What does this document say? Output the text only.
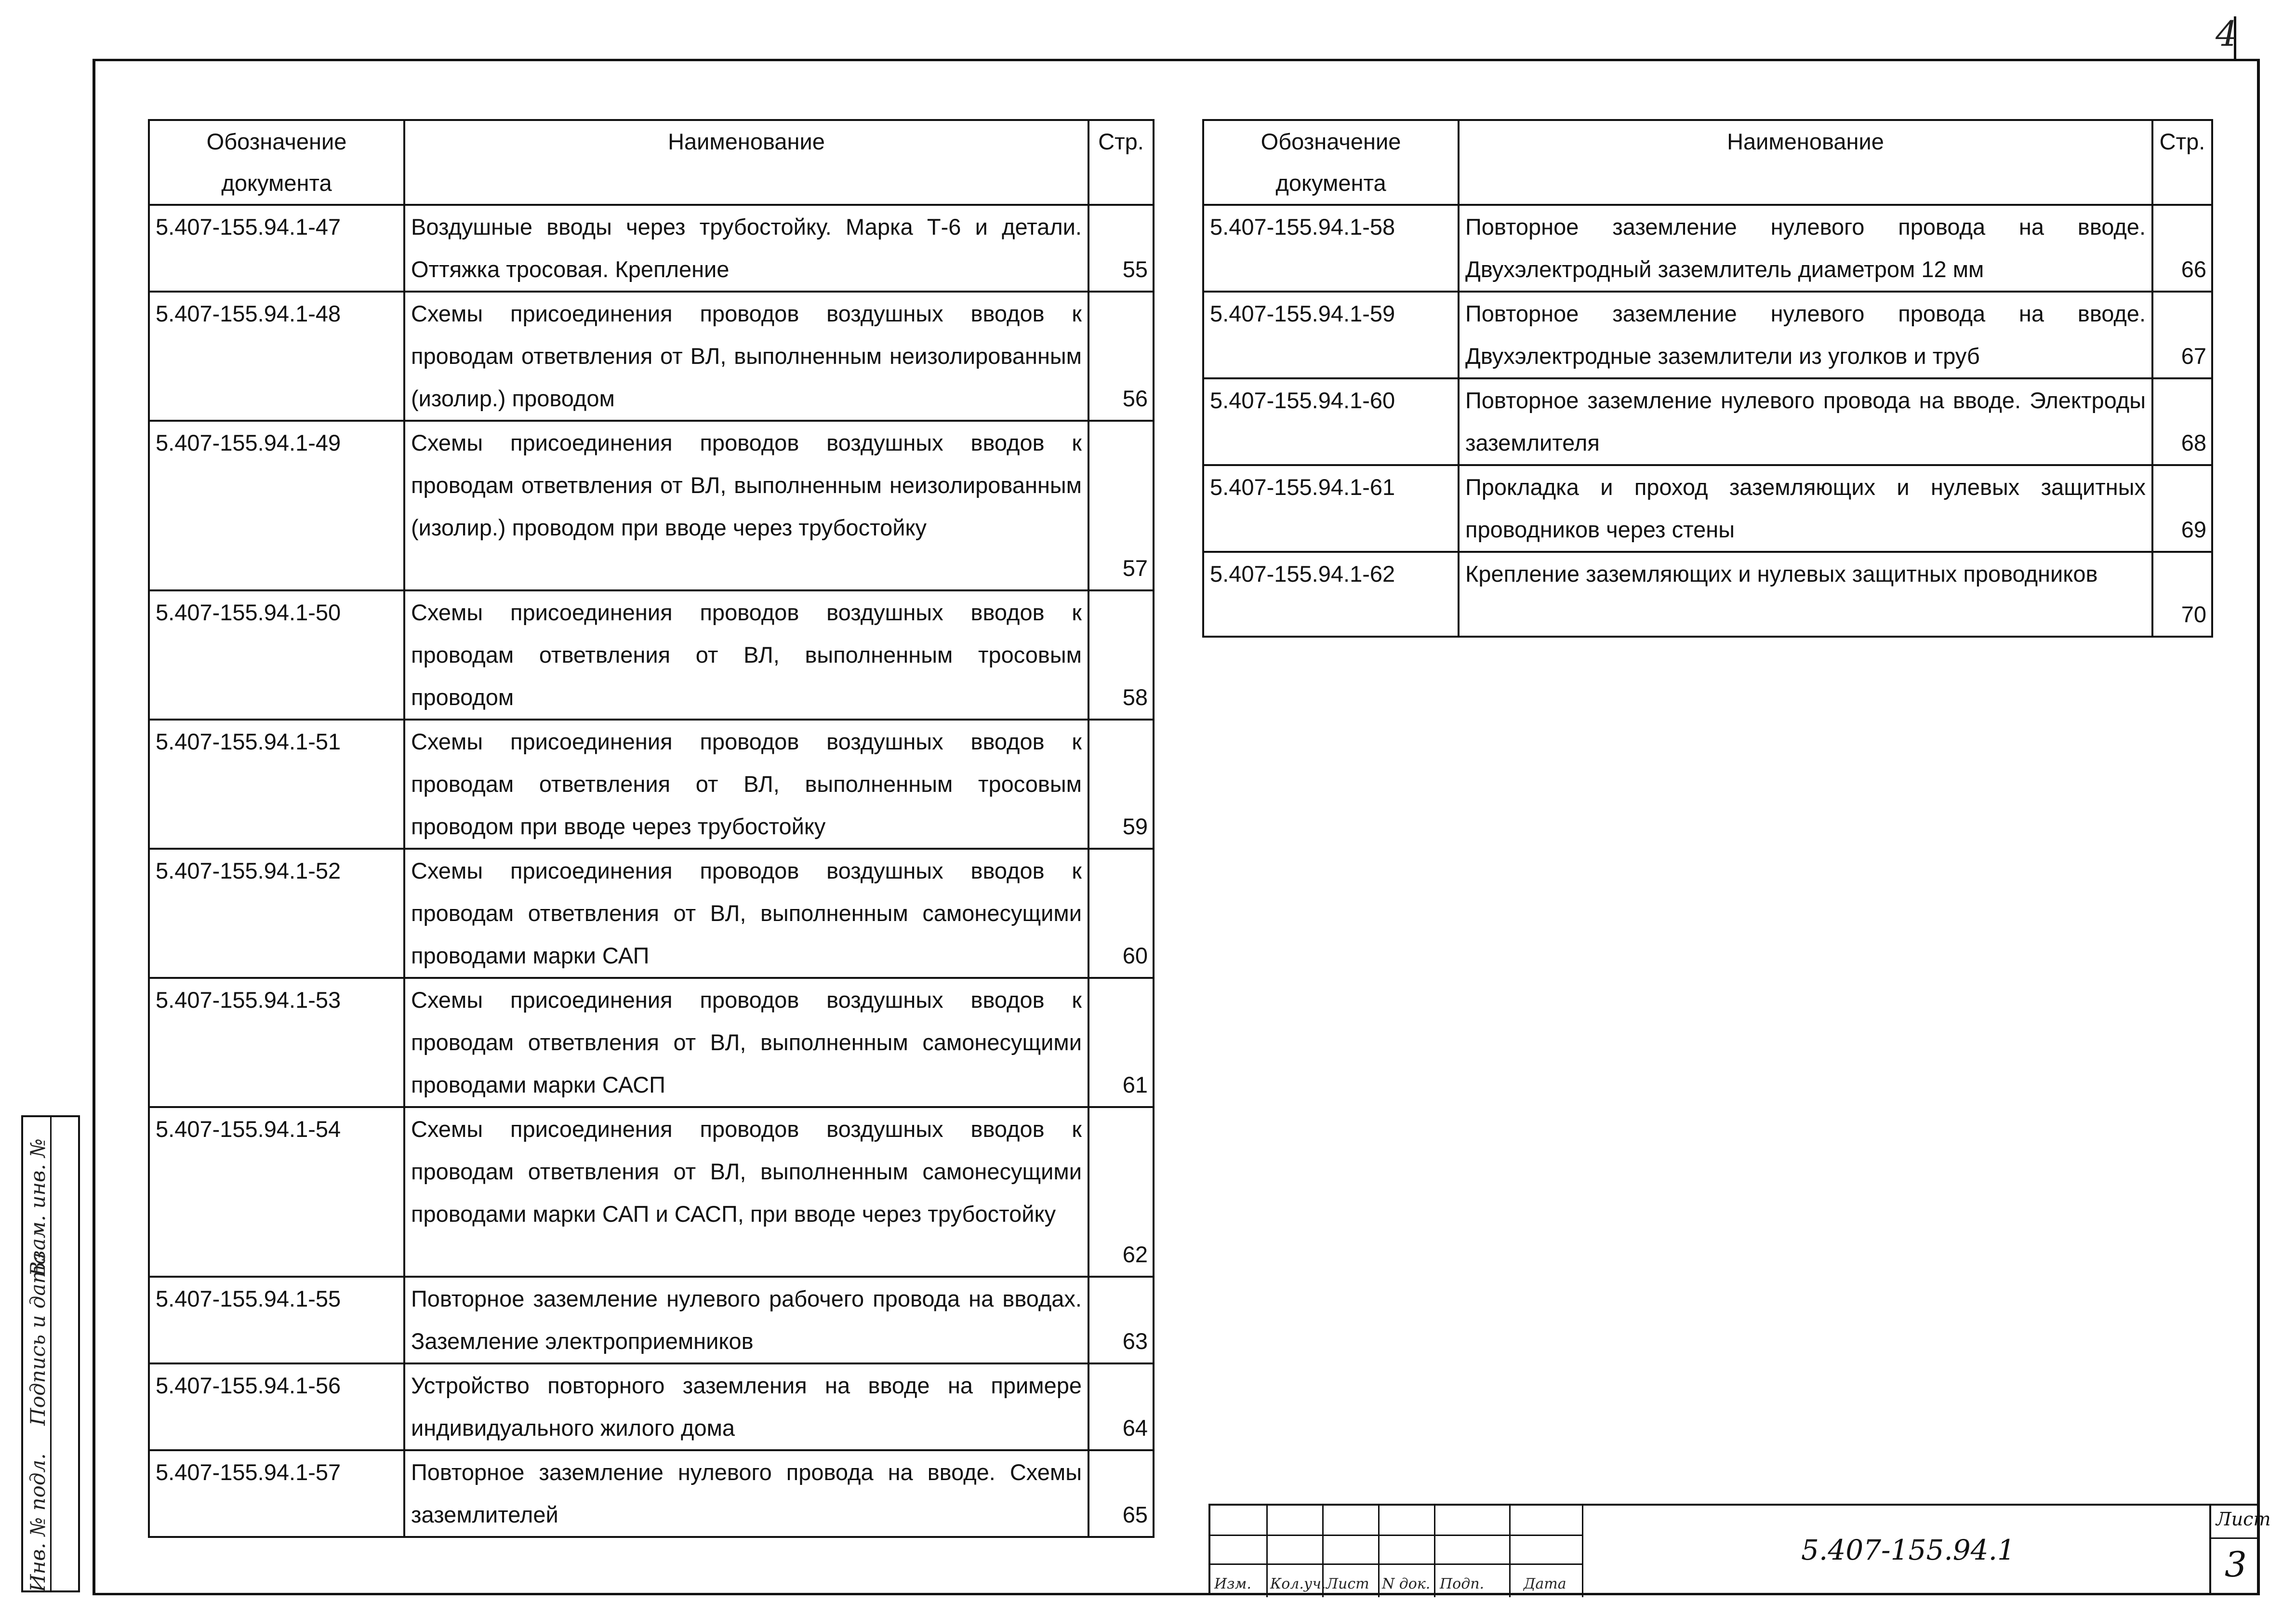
4
Обозначение документа	Наименование	Стр.
5.407-155.94.1-47	Воздушные вводы через трубостойку. Марка Т-6 и детали. Оттяжка тросовая. Крепление	55
5.407-155.94.1-48	Схемы присоединения проводов воздушных вводов к проводам ответвления от ВЛ, выполненным неизолированным (изолир.) проводом	56
5.407-155.94.1-49	Схемы присоединения проводов воздушных вводов к проводам ответвления от ВЛ, выполненным неизолированным (изолир.) проводом при вводе через трубостойку	57
5.407-155.94.1-50	Схемы присоединения проводов воздушных вводов к проводам ответвления от ВЛ, выполненным тросовым проводом	58
5.407-155.94.1-51	Схемы присоединения проводов воздушных вводов к проводам ответвления от ВЛ, выполненным тросовым проводом при вводе через трубостойку	59
5.407-155.94.1-52	Схемы присоединения проводов воздушных вводов к проводам ответвления от ВЛ, выполненным самонесущими проводами марки САП	60
5.407-155.94.1-53	Схемы присоединения проводов воздушных вводов к проводам ответвления от ВЛ, выполненным самонесущими проводами марки САСП	61
5.407-155.94.1-54	Схемы присоединения проводов воздушных вводов к проводам ответвления от ВЛ, выполненным самонесущими проводами марки САП и САСП, при вводе через трубостойку	62
5.407-155.94.1-55	Повторное заземление нулевого рабочего провода на вводах. Заземление электроприемников	63
5.407-155.94.1-56	Устройство повторного заземления на вводе на примере индивидуального жилого дома	64
5.407-155.94.1-57	Повторное заземление нулевого провода на вводе. Схемы заземлителей	65
Обозначение документа	Наименование	Стр.
5.407-155.94.1-58	Повторное заземление нулевого провода на вводе. Двухэлектродный заземлитель диаметром 12 мм	66
5.407-155.94.1-59	Повторное заземление нулевого провода на вводе. Двухэлектродные заземлители из уголков и труб	67
5.407-155.94.1-60	Повторное заземление нулевого провода на вводе. Электроды заземлителя	68
5.407-155.94.1-61	Прокладка и проход заземляющих и нулевых защитных проводников через стены	69
5.407-155.94.1-62	Крепление заземляющих и нулевых защитных проводников	70
Инв. № подл.
Подпись и дата
Взам. инв. №
Изм. Кол.уч. Лист N док. Подп.	Дата
5.407-155.94.1
Лист
3
